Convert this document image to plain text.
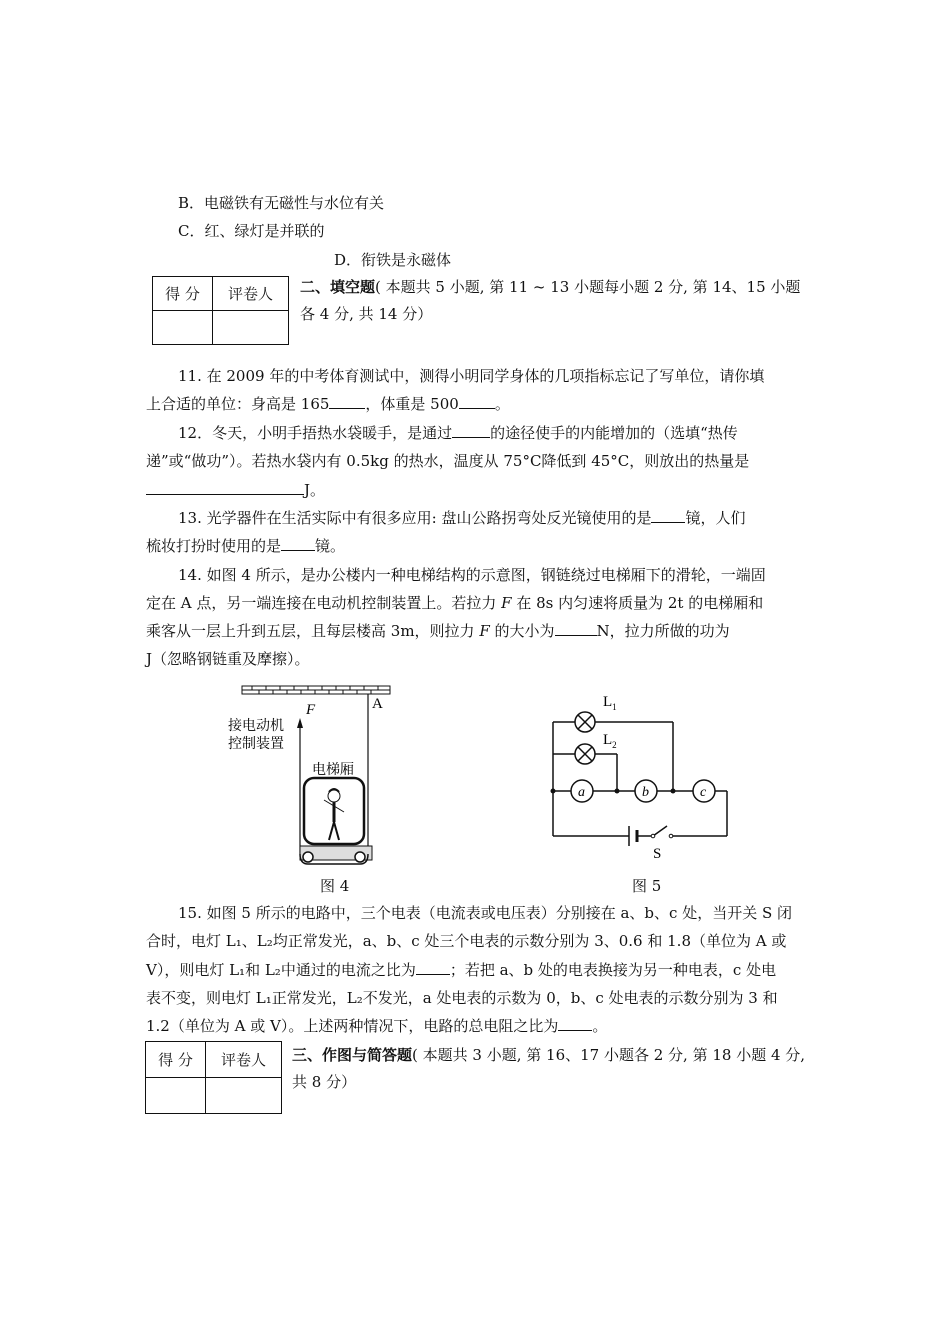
B．电磁铁有无磁性与水位有关
C．红、绿灯是并联的
D．衔铁是永磁体
得 分	评卷人
	二、填空题( 本题共 5 小题, 第 11 ~ 13 小题每小题 2 分, 第 14、15 小题
各 4 分, 共 14 分）
11. 在 2009 年的中考体育测试中，测得小明同学身体的几项指标忘记了写单位，请你填
上合适的单位：身高是 165 ，体重是 500 。
12．冬天，小明手捂热水袋暖手，是通过	的途径使手的内能增加的（选填“热传
递”或“做功”）。若热水袋内有 0.5kg 的热水，温度从 75°C降低到 45°C，则放出的热量是
J。
13. 光学器件在生活实际中有很多应用: 盘山公路拐弯处反光镜使用的是 镜，人们
梳妆打扮时使用的是 镜。
14. 如图 4 所示，是办公楼内一种电梯结构的示意图，钢链绕过电梯厢下的滑轮，一端固
定在 A 点，另一端连接在电动机控制装置上。若拉力 F 在 8s 内匀速将质量为 2t 的电梯厢和
乘客从一层上升到五层，且每层楼高 3m，则拉力 F 的大小为	N，拉力所做的功为
J（忽略钢链重及摩擦）。
F	A
接电动机
控制装置
电梯厢
图 4
$L_1$
$L_2$
a	b	c
S
图 5
15. 如图 5 所示的电路中，三个电表（电流表或电压表）分别接在 a、b、c 处，当开关 S 闭
合时，电灯 L₁、L₂均正常发光，a、b、c 处三个电表的示数分别为 3、0.6 和 1.8（单位为 A 或
V），则电灯 L₁和 L₂中通过的电流之比为 ；若把 a、b 处的电表换接为另一种电表，c 处电
表不变，则电灯 L₁正常发光，L₂不发光，a 处电表的示数为 0，b、c 处电表的示数分别为 3 和
1.2（单位为 A 或 V）。上述两种情况下，电路的总电阻之比为 。
得 分	评卷人
	三、作图与简答题( 本题共 3 小题, 第 16、17 小题各 2 分, 第 18 小题 4 分,
共 8 分）
